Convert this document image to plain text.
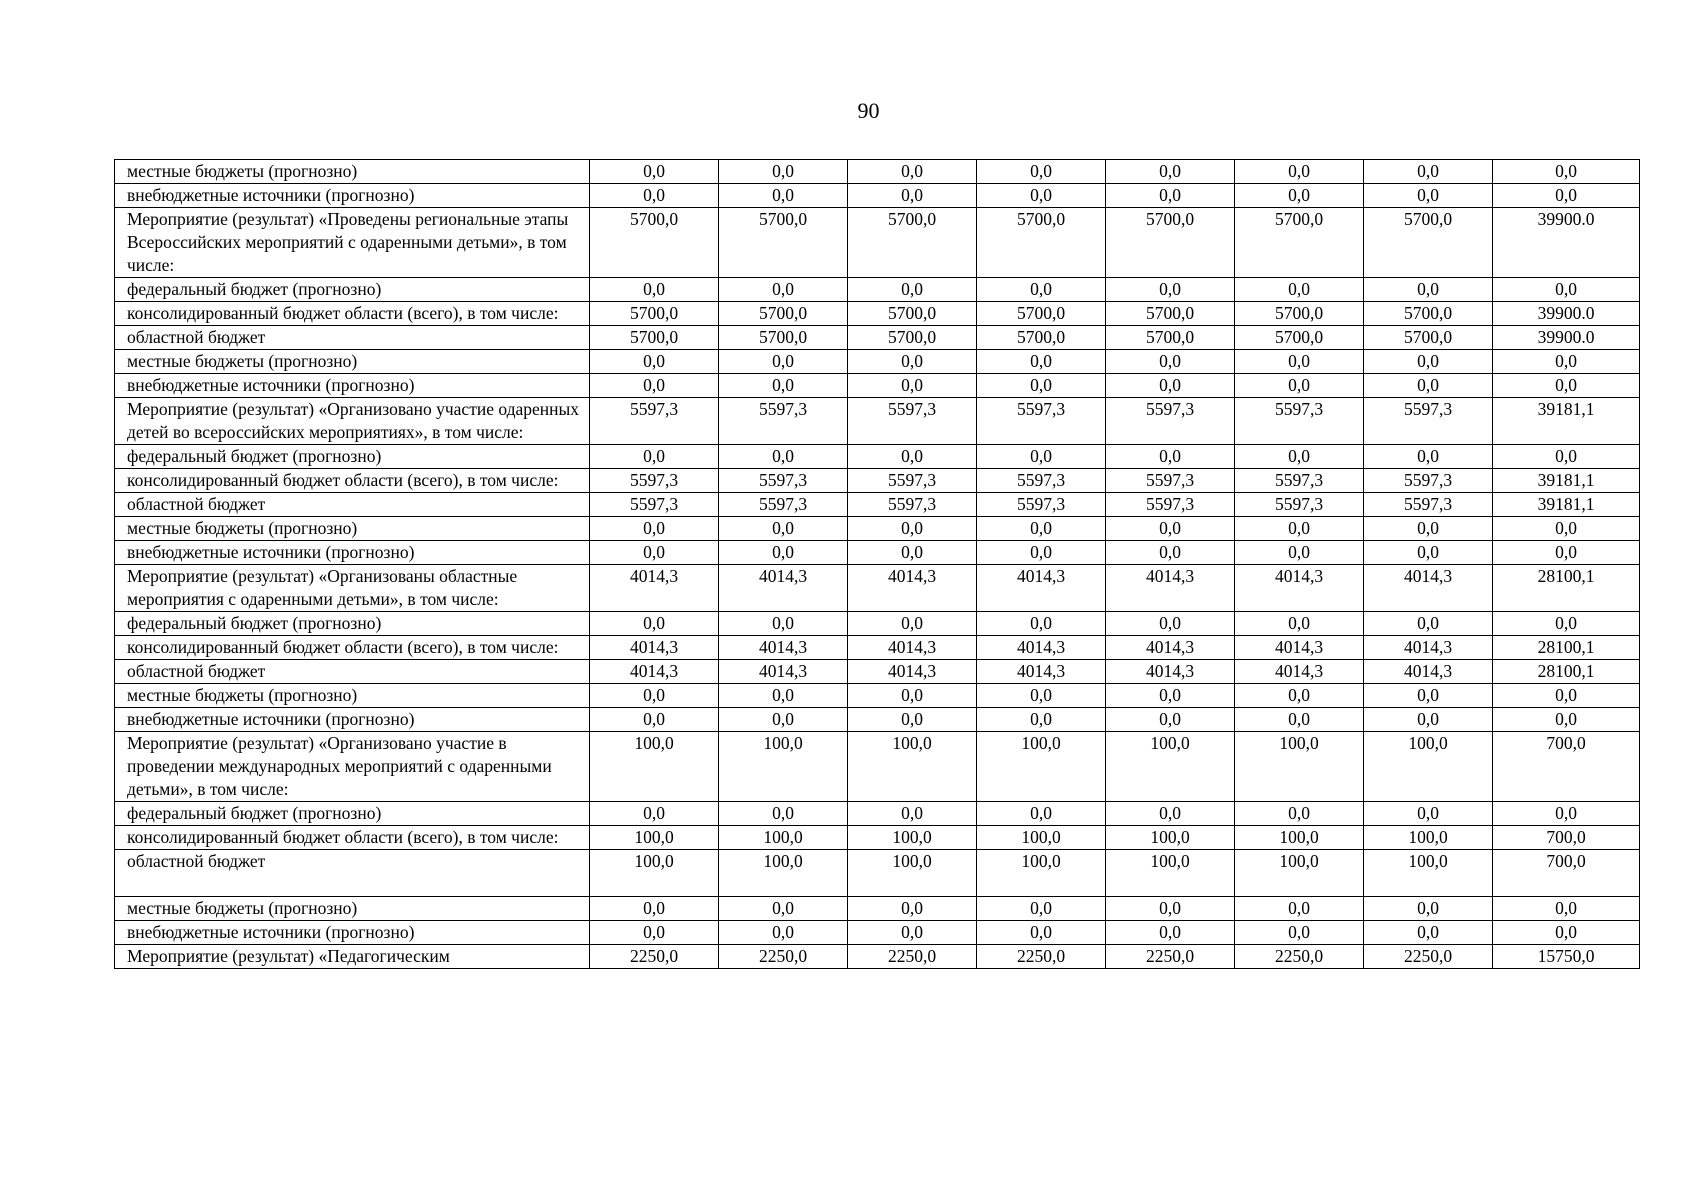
90
местные бюджеты (прогнозно)	0,0	0,0	0,0	0,0	0,0	0,0	0,0	0,0
внебюджетные источники (прогнозно)	0,0	0,0	0,0	0,0	0,0	0,0	0,0	0,0
Мероприятие (результат) «Проведены региональные этапы Всероссийских мероприятий с одаренными детьми», в том числе:	5700,0	5700,0	5700,0	5700,0	5700,0	5700,0	5700,0	39900.0
федеральный бюджет (прогнозно)	0,0	0,0	0,0	0,0	0,0	0,0	0,0	0,0
консолидированный бюджет области (всего), в том числе:	5700,0	5700,0	5700,0	5700,0	5700,0	5700,0	5700,0	39900.0
областной бюджет	5700,0	5700,0	5700,0	5700,0	5700,0	5700,0	5700,0	39900.0
местные бюджеты (прогнозно)	0,0	0,0	0,0	0,0	0,0	0,0	0,0	0,0
внебюджетные источники (прогнозно)	0,0	0,0	0,0	0,0	0,0	0,0	0,0	0,0
Мероприятие (результат) «Организовано участие одаренных детей во всероссийских мероприятиях», в том числе:	5597,3	5597,3	5597,3	5597,3	5597,3	5597,3	5597,3	39181,1
федеральный бюджет (прогнозно)	0,0	0,0	0,0	0,0	0,0	0,0	0,0	0,0
консолидированный бюджет области (всего), в том числе:	5597,3	5597,3	5597,3	5597,3	5597,3	5597,3	5597,3	39181,1
областной бюджет	5597,3	5597,3	5597,3	5597,3	5597,3	5597,3	5597,3	39181,1
местные бюджеты (прогнозно)	0,0	0,0	0,0	0,0	0,0	0,0	0,0	0,0
внебюджетные источники (прогнозно)	0,0	0,0	0,0	0,0	0,0	0,0	0,0	0,0
Мероприятие (результат) «Организованы областные мероприятия с одаренными детьми», в том числе:	4014,3	4014,3	4014,3	4014,3	4014,3	4014,3	4014,3	28100,1
федеральный бюджет (прогнозно)	0,0	0,0	0,0	0,0	0,0	0,0	0,0	0,0
консолидированный бюджет области (всего), в том числе:	4014,3	4014,3	4014,3	4014,3	4014,3	4014,3	4014,3	28100,1
областной бюджет	4014,3	4014,3	4014,3	4014,3	4014,3	4014,3	4014,3	28100,1
местные бюджеты (прогнозно)	0,0	0,0	0,0	0,0	0,0	0,0	0,0	0,0
внебюджетные источники (прогнозно)	0,0	0,0	0,0	0,0	0,0	0,0	0,0	0,0
Мероприятие (результат) «Организовано участие в проведении международных мероприятий с одаренными детьми», в том числе:	100,0	100,0	100,0	100,0	100,0	100,0	100,0	700,0
федеральный бюджет (прогнозно)	0,0	0,0	0,0	0,0	0,0	0,0	0,0	0,0
консолидированный бюджет области (всего), в том числе:	100,0	100,0	100,0	100,0	100,0	100,0	100,0	700,0
областной бюджет	100,0	100,0	100,0	100,0	100,0	100,0	100,0	700,0
местные бюджеты (прогнозно)	0,0	0,0	0,0	0,0	0,0	0,0	0,0	0,0
внебюджетные источники (прогнозно)	0,0	0,0	0,0	0,0	0,0	0,0	0,0	0,0
Мероприятие (результат) «Педагогическим	2250,0	2250,0	2250,0	2250,0	2250,0	2250,0	2250,0	15750,0
